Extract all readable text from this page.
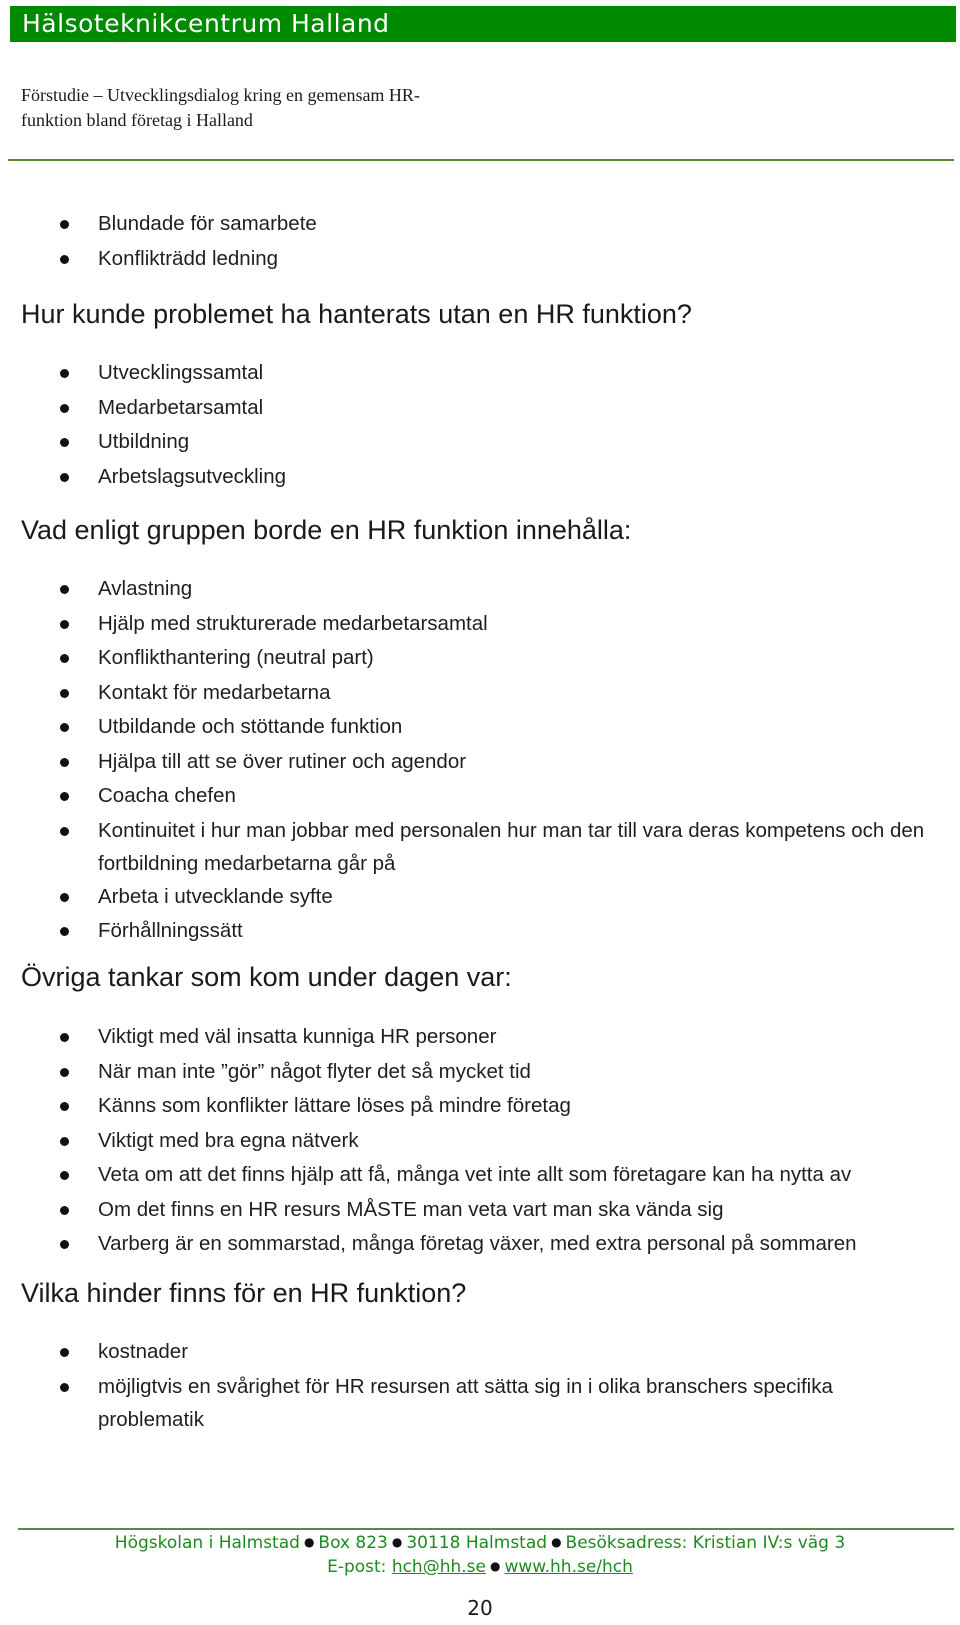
Hälsoteknikcentrum Halland
Förstudie – Utvecklingsdialog kring en gemensam HR-
funktion bland företag i Halland
Blundade för samarbete
Konflikträdd ledning
Hur kunde problemet ha hanterats utan en HR funktion?
Utvecklingssamtal
Medarbetarsamtal
Utbildning
Arbetslagsutveckling
Vad enligt gruppen borde en HR funktion innehålla:
Avlastning
Hjälp med strukturerade medarbetarsamtal
Konflikthantering (neutral part)
Kontakt för medarbetarna
Utbildande och stöttande funktion
Hjälpa till att se över rutiner och agendor
Coacha chefen
Kontinuitet i hur man jobbar med personalen hur man tar till vara deras kompetens och den fortbildning medarbetarna går på
Arbeta i utvecklande syfte
Förhållningssätt
Övriga tankar som kom under dagen var:
Viktigt med väl insatta kunniga HR personer
När man inte ”gör” något flyter det så mycket tid
Känns som konflikter lättare löses på mindre företag
Viktigt med bra egna nätverk
Veta om att det finns hjälp att få, många vet inte allt som företagare kan ha nytta av
Om det finns en HR resurs MÅSTE man veta vart man ska vända sig
Varberg är en sommarstad, många företag växer, med extra personal på sommaren
Vilka hinder finns för en HR funktion?
kostnader
möjligtvis en svårighet för HR resursen att sätta sig in i olika branschers specifika problematik
Högskolan i Halmstad ● Box 823 ● 30118 Halmstad ● Besöksadress: Kristian IV:s väg 3
E-post: hch@hh.se ● www.hh.se/hch
20
